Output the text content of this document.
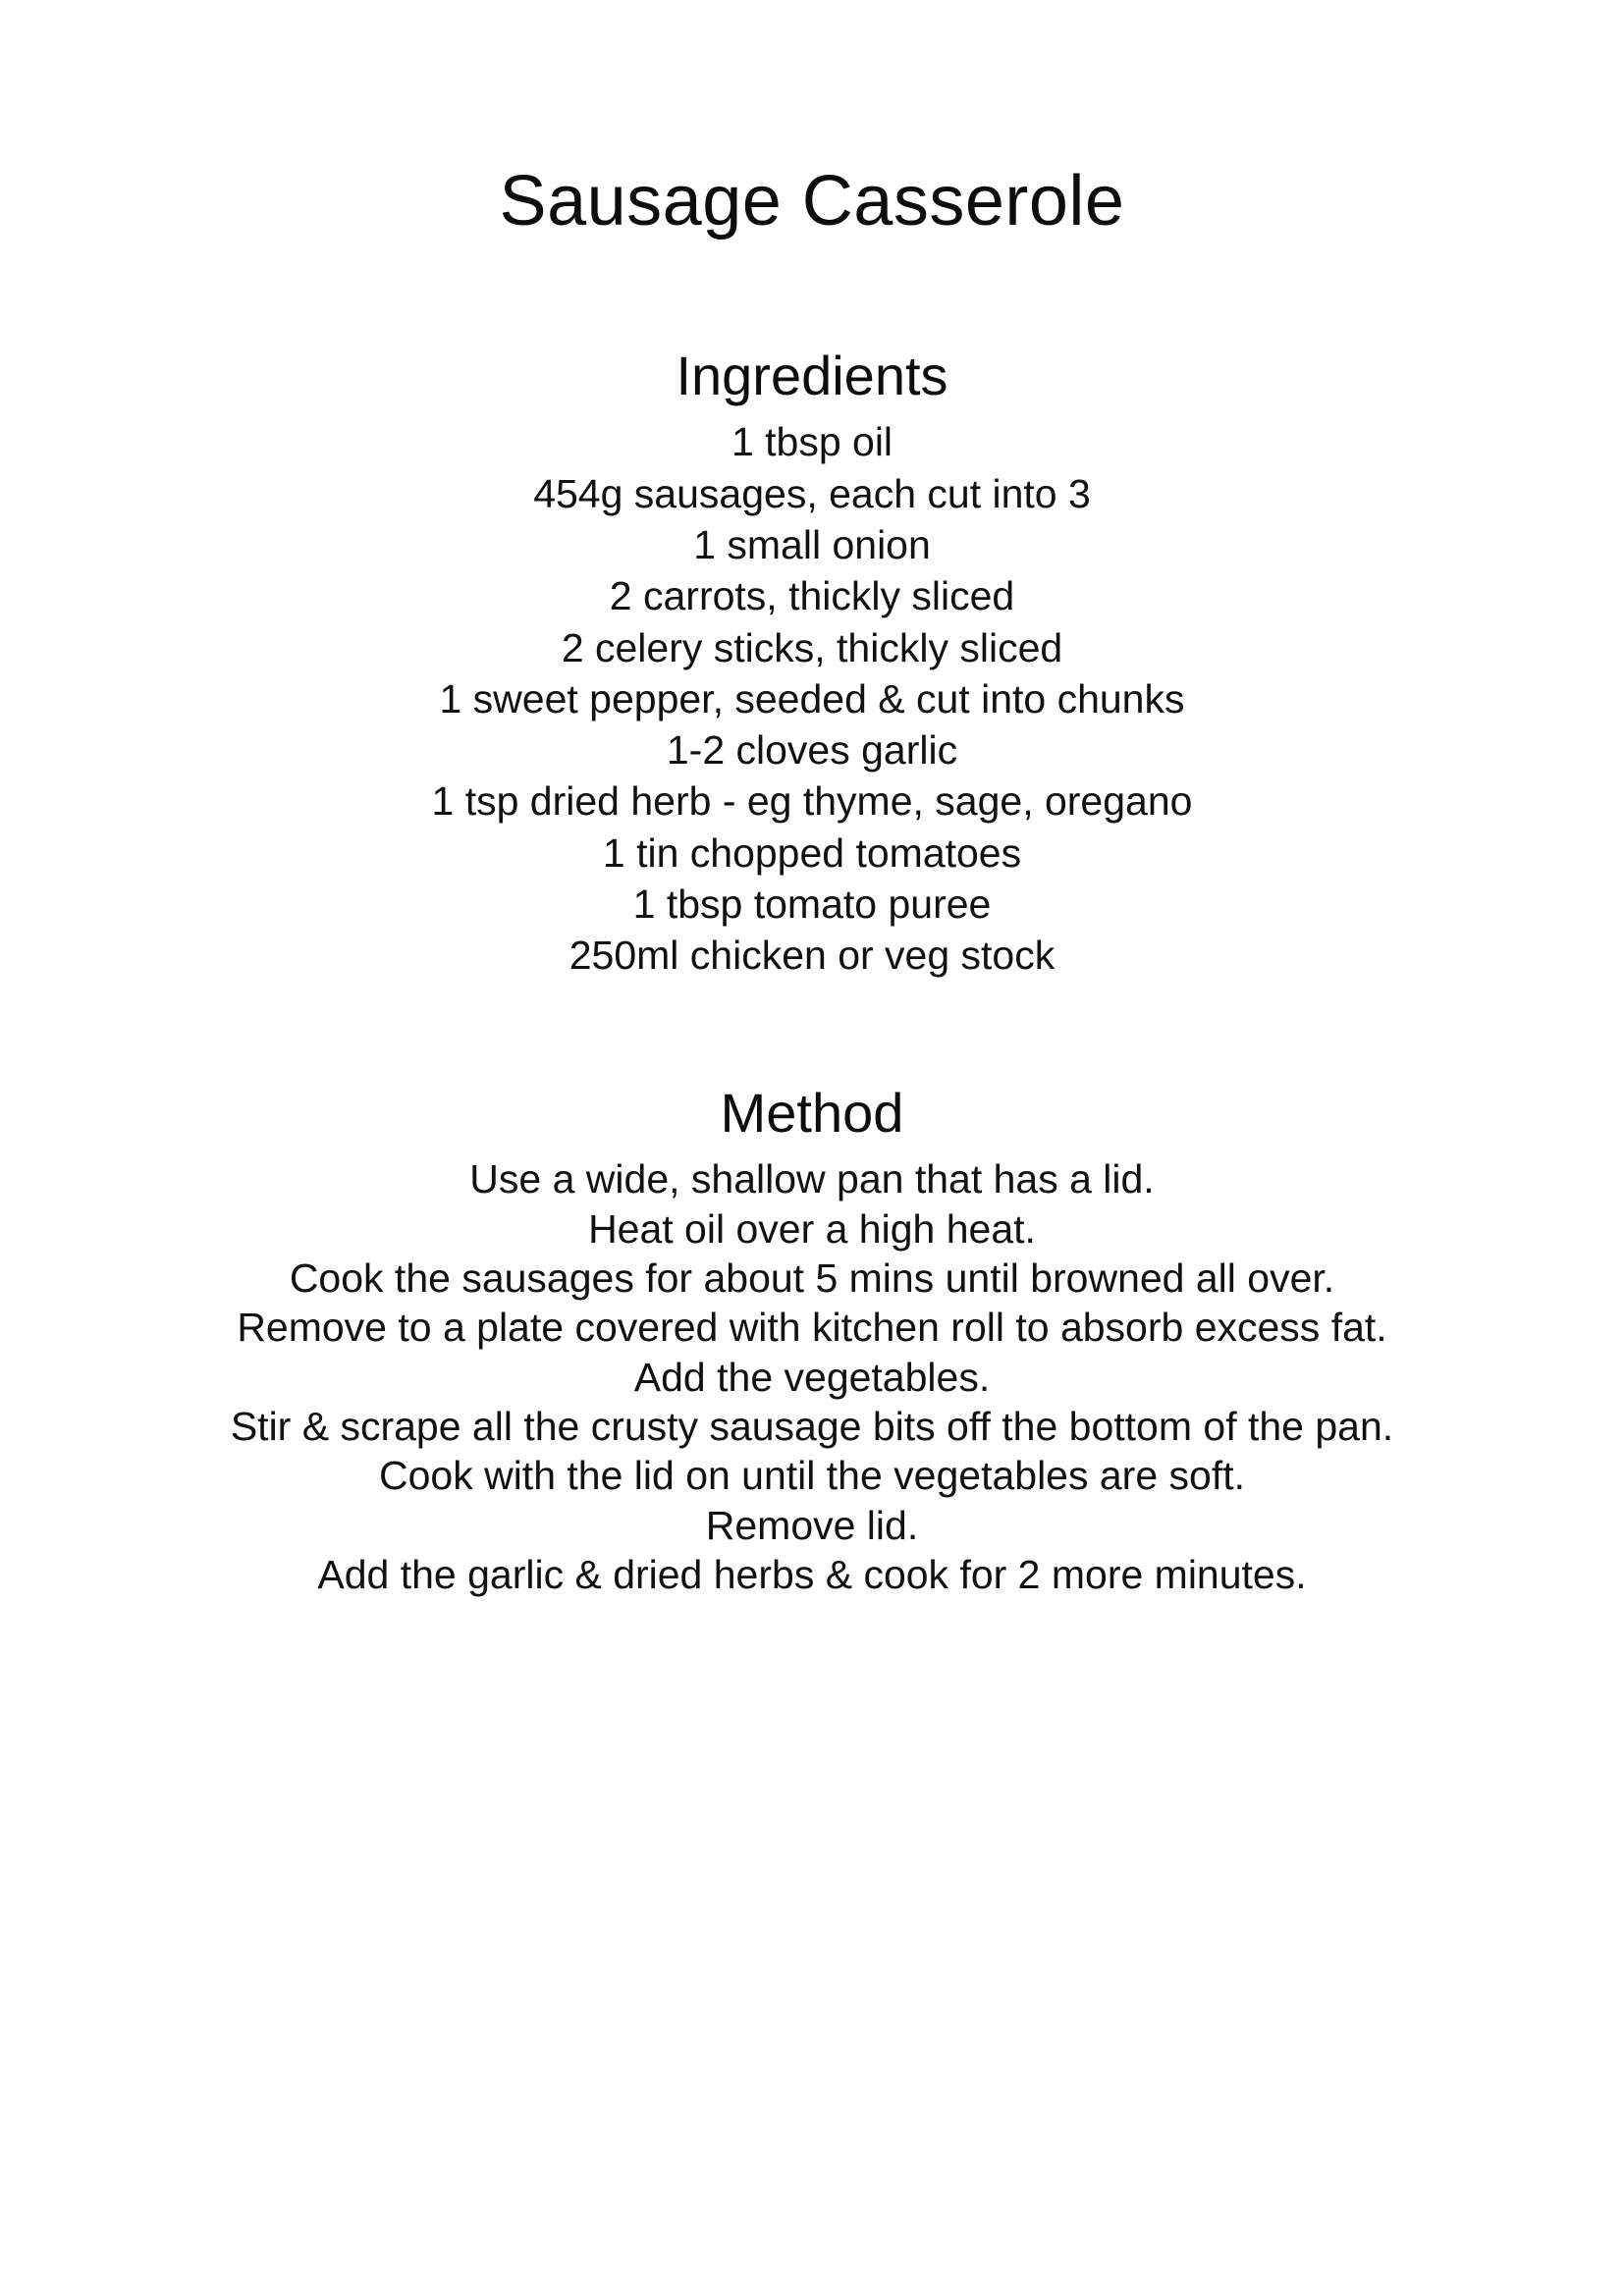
Sausage Casserole
Ingredients

1 tbsp oil

454g sausages, each cut into 3

1 small onion

2 carrots, thickly sliced

2 celery sticks, thickly sliced

1 sweet pepper, seeded & cut into chunks

1-2 cloves garlic

1 tsp dried herb - eg thyme, sage, oregano

1 tin chopped tomatoes

1 tbsp tomato puree

250ml chicken or veg stock

Method

Use a wide, shallow pan that has a lid.

Heat oil over a high heat.

Cook the sausages for about 5 mins until browned all over.

Remove to a plate covered with kitchen roll to absorb excess fat.

Add the vegetables.

Stir & scrape all the crusty sausage bits off the bottom of the pan.

Cook with the lid on until the vegetables are soft.

Remove lid.

Add the garlic & dried herbs & cook for 2 more minutes.
